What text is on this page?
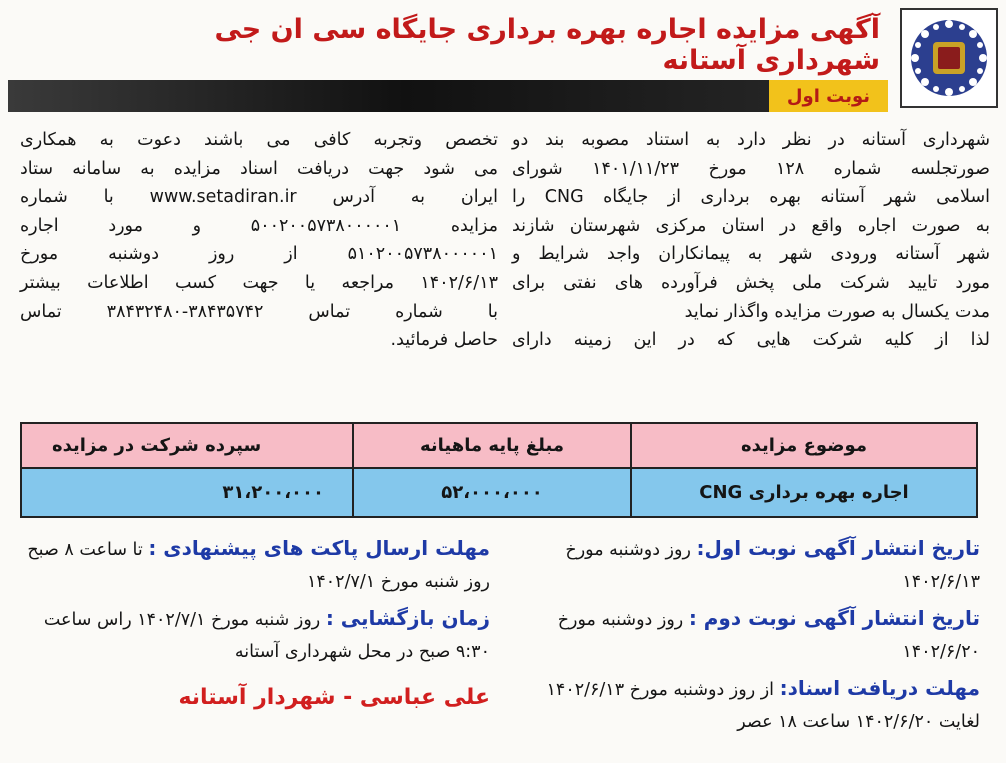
آگهی مزایده اجاره بهره برداری جایگاه سی ان جی شهرداری آستانه
نوبت اول
شهرداری آستانه در نظر دارد به استناد مصوبه بند دو
صورتجلسه شماره ۱۲۸ مورخ ۱۴۰۱/۱۱/۲۳ شورای
اسلامی شهر آستانه بهره برداری از جایگاه CNG را
به صورت اجاره واقع در استان مرکزی شهرستان شازند
شهر آستانه ورودی شهر به پیمانکاران واجد شرایط و
مورد تایید شرکت ملی پخش فرآورده های نفتی برای
مدت یکسال به صورت مزایده واگذار نماید
لذا از کلیه شرکت هایی که در این زمینه دارای
تخصص وتجربه کافی می باشند دعوت به همکاری
می شود جهت دریافت اسناد مزایده به سامانه ستاد
ایران به آدرس www.setadiran.ir با شماره
مزایده ۵۰۰۲۰۰۵۷۳۸۰۰۰۰۰۱ و مورد اجاره
۵۱۰۲۰۰۵۷۳۸۰۰۰۰۰۱ از روز دوشنبه مورخ
۱۴۰۲/۶/۱۳ مراجعه یا جهت کسب اطلاعات بیشتر
با شماره تماس ۳۸۴۳۵۷۴۲-۳۸۴۳۲۴۸۰ تماس
حاصل فرمائید.
موضوع مزایده
مبلغ پایه ماهیانه
سپرده شرکت در مزایده
اجاره بهره برداری CNG
۵۲،۰۰۰،۰۰۰
۳۱،۲۰۰،۰۰۰
تاریخ انتشار آگهی نوبت اول: روز دوشنبه مورخ ۱۴۰۲/۶/۱۳
تاریخ انتشار آگهی نوبت دوم : روز دوشنبه مورخ ۱۴۰۲/۶/۲۰
مهلت دریافت اسناد: از روز دوشنبه مورخ ۱۴۰۲/۶/۱۳ لغایت ۱۴۰۲/۶/۲۰ ساعت ۱۸ عصر
مهلت ارسال پاکت های پیشنهادی : تا ساعت ۸ صبح روز شنبه مورخ ۱۴۰۲/۷/۱
زمان بازگشایی : روز شنبه مورخ ۱۴۰۲/۷/۱ راس ساعت ۹:۳۰ صبح در محل شهرداری آستانه
علی عباسی - شهردار آستانه
